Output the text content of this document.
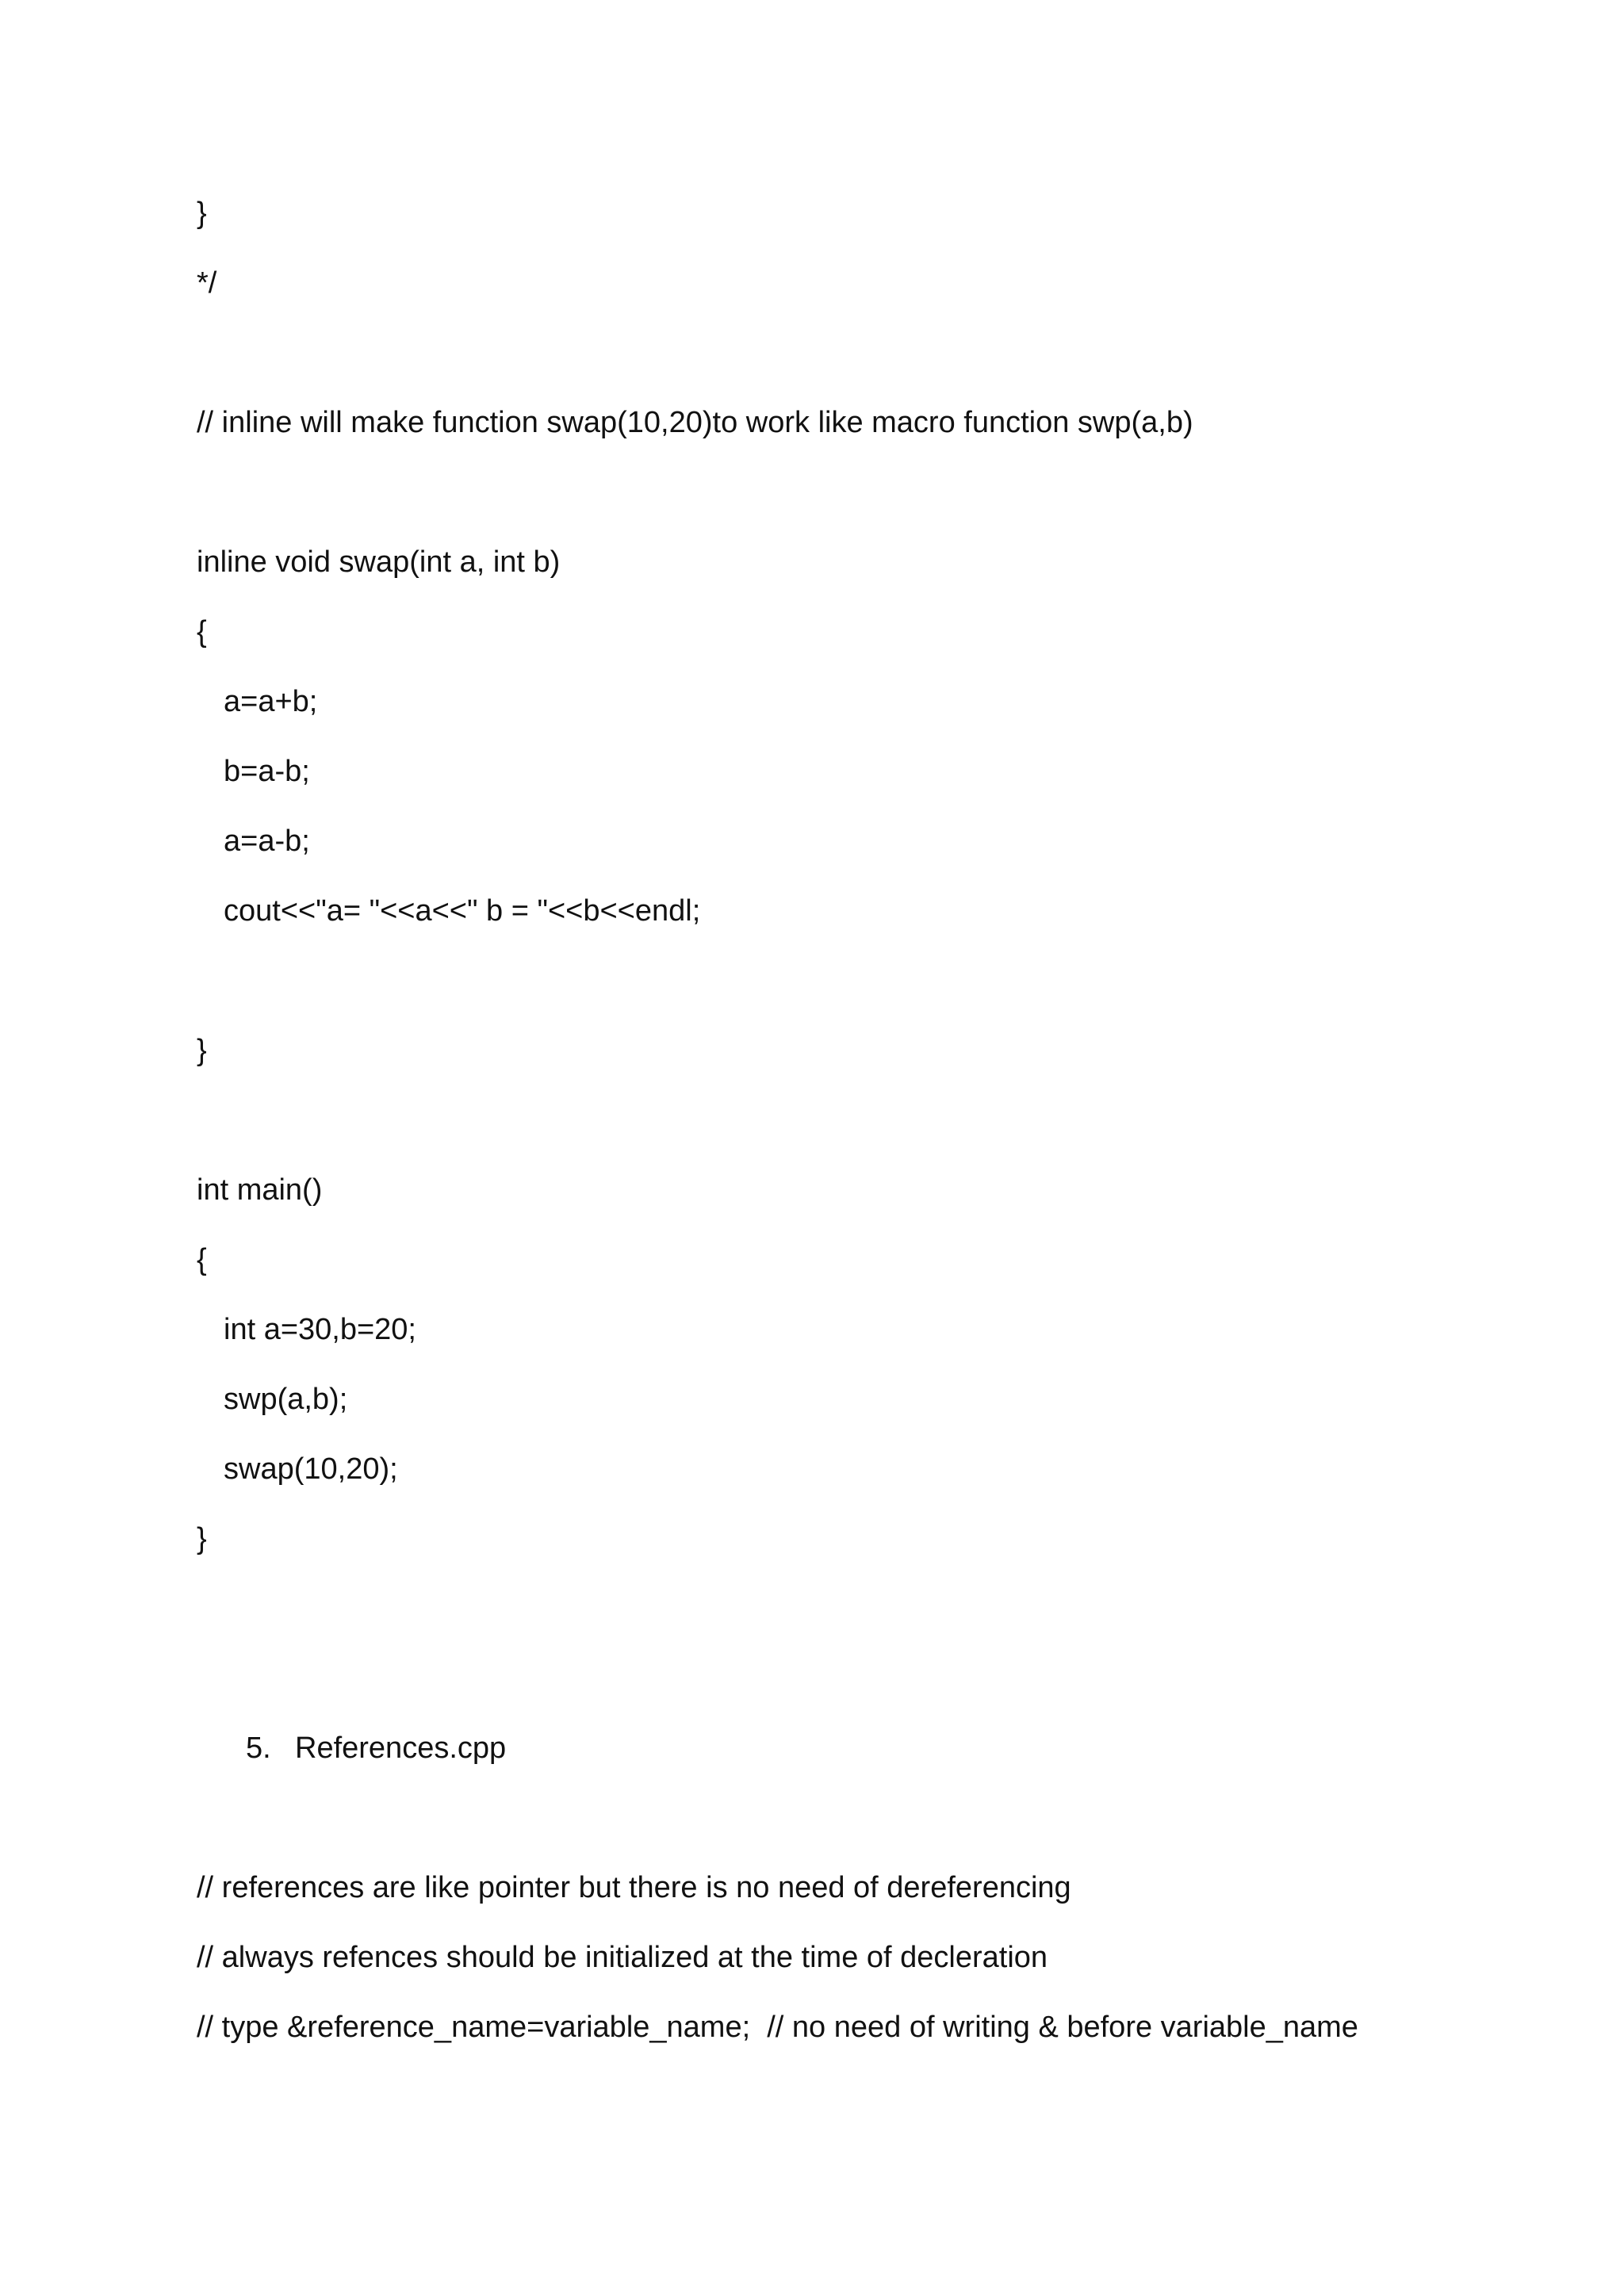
}
*/
// inline will make function swap(10,20)to work like macro function swp(a,b)
inline void swap(int a, int b)
{
a=a+b;
b=a-b;
a=a-b;
cout<<"a= "<<a<<" b = "<<b<<endl;
}
int main()
{
int a=30,b=20;
swp(a,b);
swap(10,20);
}
5. References.cpp
// references are like pointer but there is no need of dereferencing
// always refences should be initialized at the time of decleration
// type &reference_name=variable_name;  // no need of writing & before variable_name
